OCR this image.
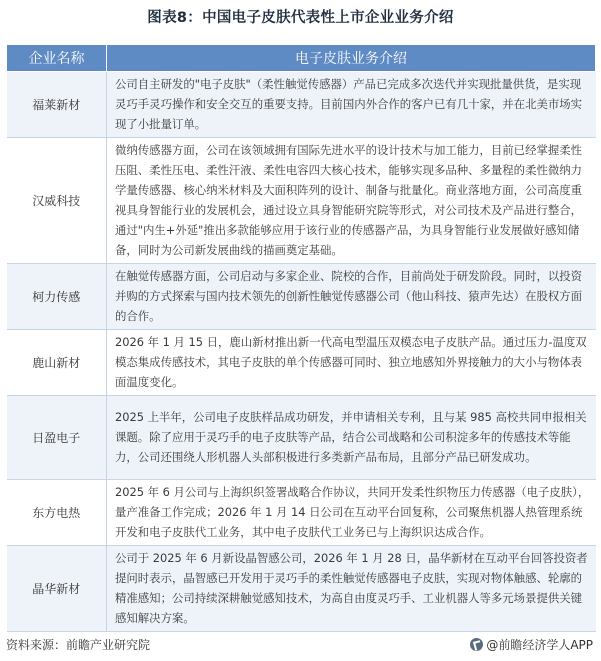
图表8：中国电子皮肤代表性上市企业业务介绍
企业名称	电子皮肤业务介绍
福莱新材	公司自主研发的"电子皮肤"（柔性触觉传感器）产品已完成多次迭代并实现批量供货，是实现灵巧手灵巧操作和安全交互的重要支持。目前国内外合作的客户已有几十家，并在北美市场实现了小批量订单。
汉威科技	微纳传感器方面，公司在该领域拥有国际先进水平的设计技术与加工能力，目前已经掌握柔性压阻、柔性压电、柔性汗液、柔性电容四大核心技术，能够实现多品种、多量程的柔性微纳力学量传感器、核心纳米材料及大面积阵列的设计、制备与批量化。商业落地方面，公司高度重视具身智能行业的发展机会，通过设立具身智能研究院等形式，对公司技术及产品进行整合，通过"内生+外延"推出多款能够应用于该行业的传感器产品，为具身智能行业发展做好感知储备，同时为公司新发展曲线的描画奠定基础。
柯力传感	在触觉传感器方面，公司启动与多家企业、院校的合作，目前尚处于研发阶段。同时，以投资并购的方式探索与国内技术领先的创新性触觉传感器公司（他山科技、猿声先达）在股权方面的合作。
鹿山新材	2026 年 1 月 15 日，鹿山新材推出新一代高电型温压双模态电子皮肤产品。通过压力-温度双模态集成传感技术，其电子皮肤的单个传感器可同时、独立地感知外界接触力的大小与物体表面温度变化。
日盈电子	2025 上半年，公司电子皮肤样品成功研发，并申请相关专利，且与某 985 高校共同申报相关课题。除了应用于灵巧手的电子皮肤等产品，结合公司战略和公司积淀多年的传感技术等能力，公司还围绕人形机器人头部积极进行多类新产品布局，且部分产品已研发成功。
东方电热	2025 年 6 月公司与上海织织签署战略合作协议，共同开发柔性织物压力传感器（电子皮肤），量产准备工作完成；2026 年 1 月 14 日公司在互动平台回复称，公司聚焦机器人热管理系统开发和电子皮肤代工业务，其中电子皮肤代工业务已与上海织识达成合作。
晶华新材	公司于 2025 年 6 月新设晶智感公司，2026 年 1 月 28 日，晶华新材在互动平台回答投资者提问时表示，晶智感已开发用于灵巧手的柔性触觉传感器电子皮肤，实现对物体触感、轮廓的精准感知；公司持续深耕触觉感知技术，为高自由度灵巧手、工业机器人等多元场景提供关键感知解决方案。
资料来源：前瞻产业研究院	@前瞻经济学人APP
